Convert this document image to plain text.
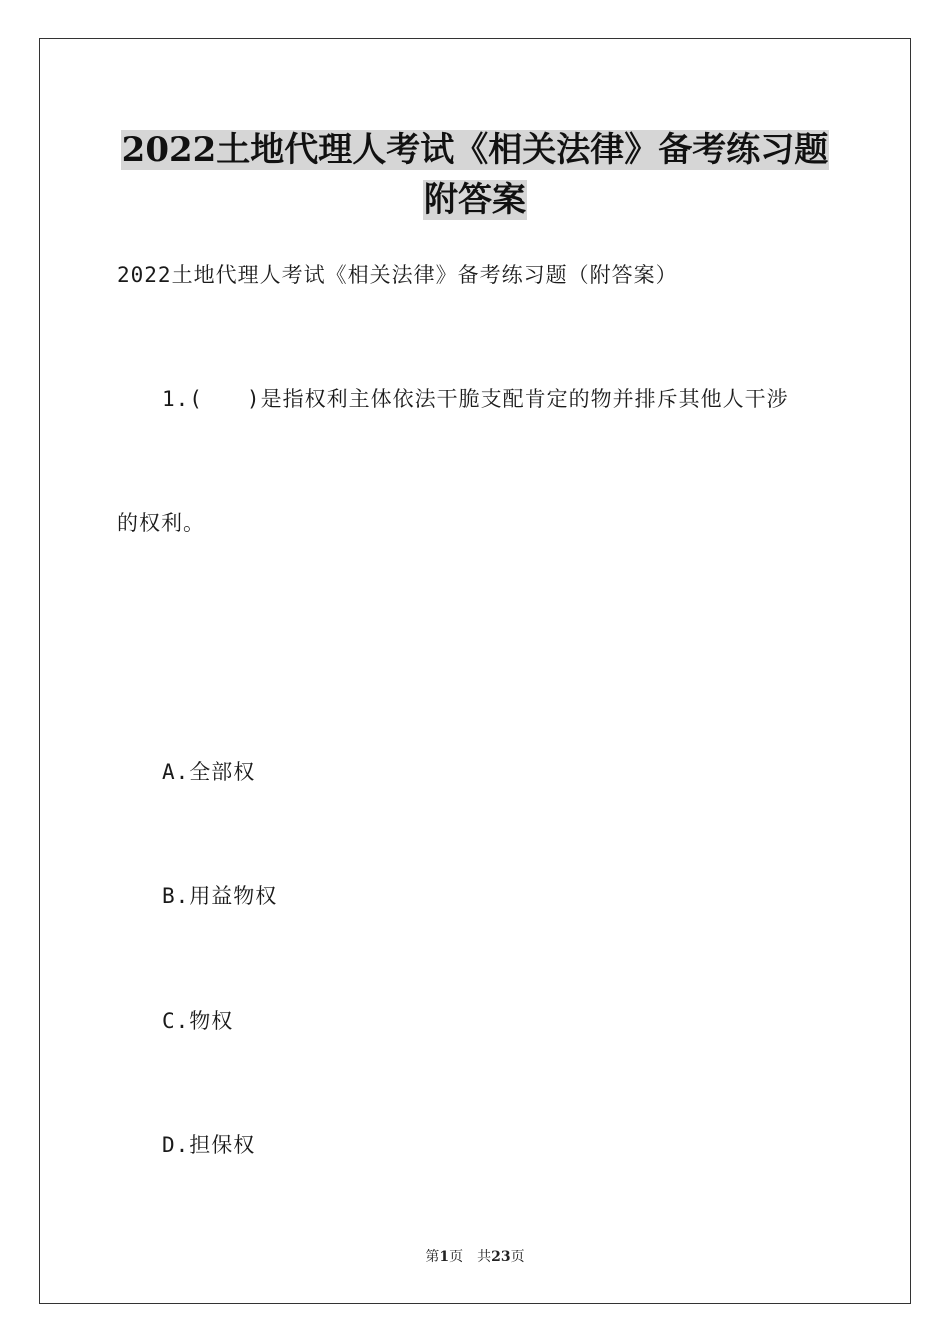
2022土地代理人考试《相关法律》备考练习题
附答案
2022土地代理人考试《相关法律》备考练习题（附答案）
1.(　　)是指权利主体依法干脆支配肯定的物并排斥其他人干涉
的权利。
A.全部权
B.用益物权
C.物权
D.担保权
第1页 共23页
